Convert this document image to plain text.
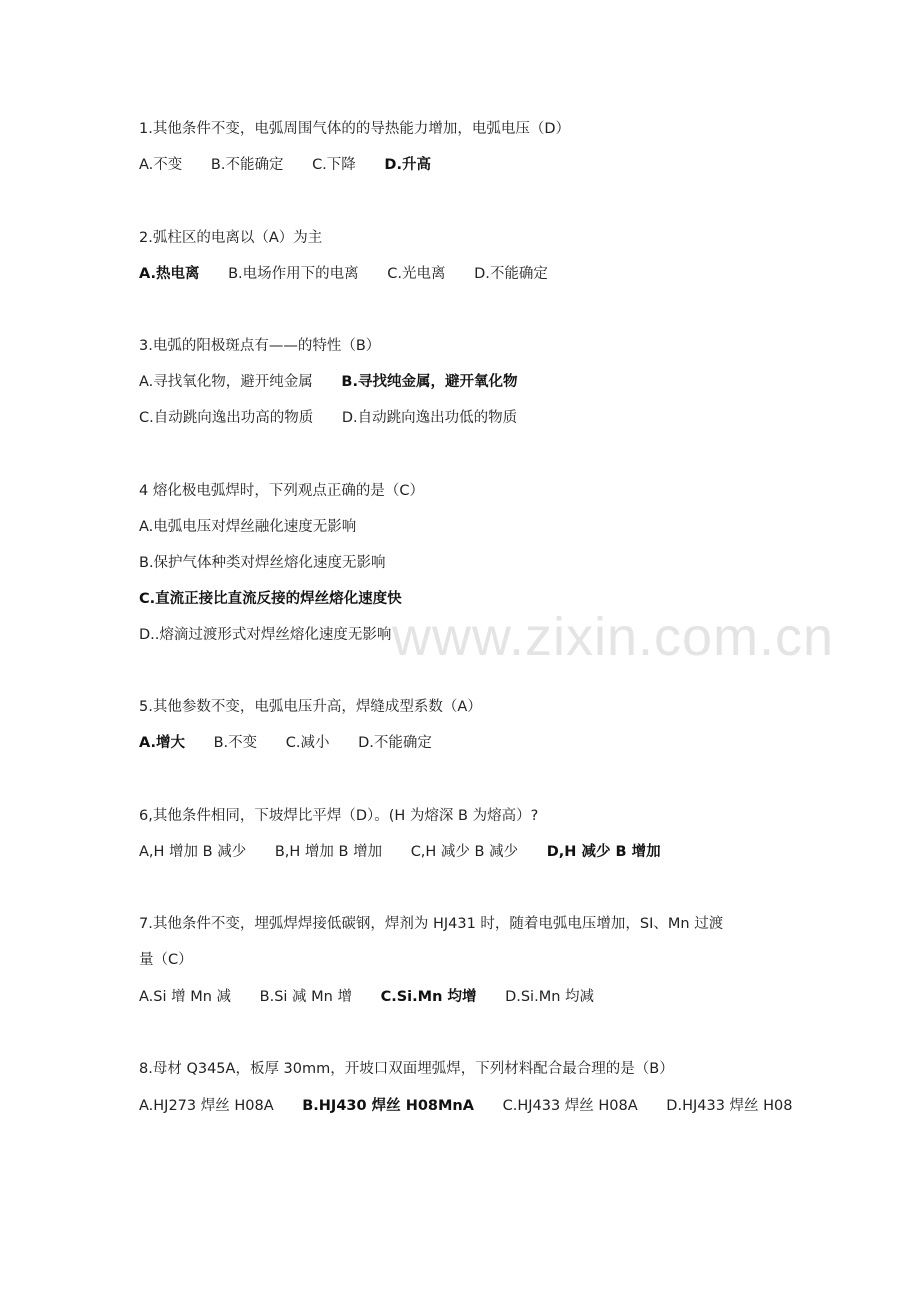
www.zixin.com.cn
1.其他条件不变，电弧周围气体的的导热能力增加，电弧电压（D）
A.不变 B.不能确定 C.下降 D.升高
2.弧柱区的电离以（A）为主
A.热电离 B.电场作用下的电离 C.光电离 D.不能确定
3.电弧的阳极斑点有——的特性（B）
A.寻找氧化物，避开纯金属 B.寻找纯金属，避开氧化物
C.自动跳向逸出功高的物质 D.自动跳向逸出功低的物质
4 熔化极电弧焊时，下列观点正确的是（C）
A.电弧电压对焊丝融化速度无影响
B.保护气体种类对焊丝熔化速度无影响
C.直流正接比直流反接的焊丝熔化速度快
D..熔滴过渡形式对焊丝熔化速度无影响
5.其他参数不变，电弧电压升高，焊缝成型系数（A）
A.增大 B.不变 C.减小 D.不能确定
6,其他条件相同，下坡焊比平焊（D）。(H 为熔深 B 为熔高）?
A,H 增加 B 减少 B,H 增加 B 增加 C,H 减少 B 减少 D,H 减少 B 增加
7.其他条件不变，埋弧焊焊接低碳钢，焊剂为 HJ431 时，随着电弧电压增加，SI、Mn 过渡
量（C）
A.Si 增 Mn 减 B.Si 减 Mn 增 C.Si.Mn 均增 D.Si.Mn 均减
8.母材 Q345A，板厚 30mm，开坡口双面埋弧焊，下列材料配合最合理的是（B）
A.HJ273 焊丝 H08A B.HJ430 焊丝 H08MnA C.HJ433 焊丝 H08A D.HJ433 焊丝 H08
